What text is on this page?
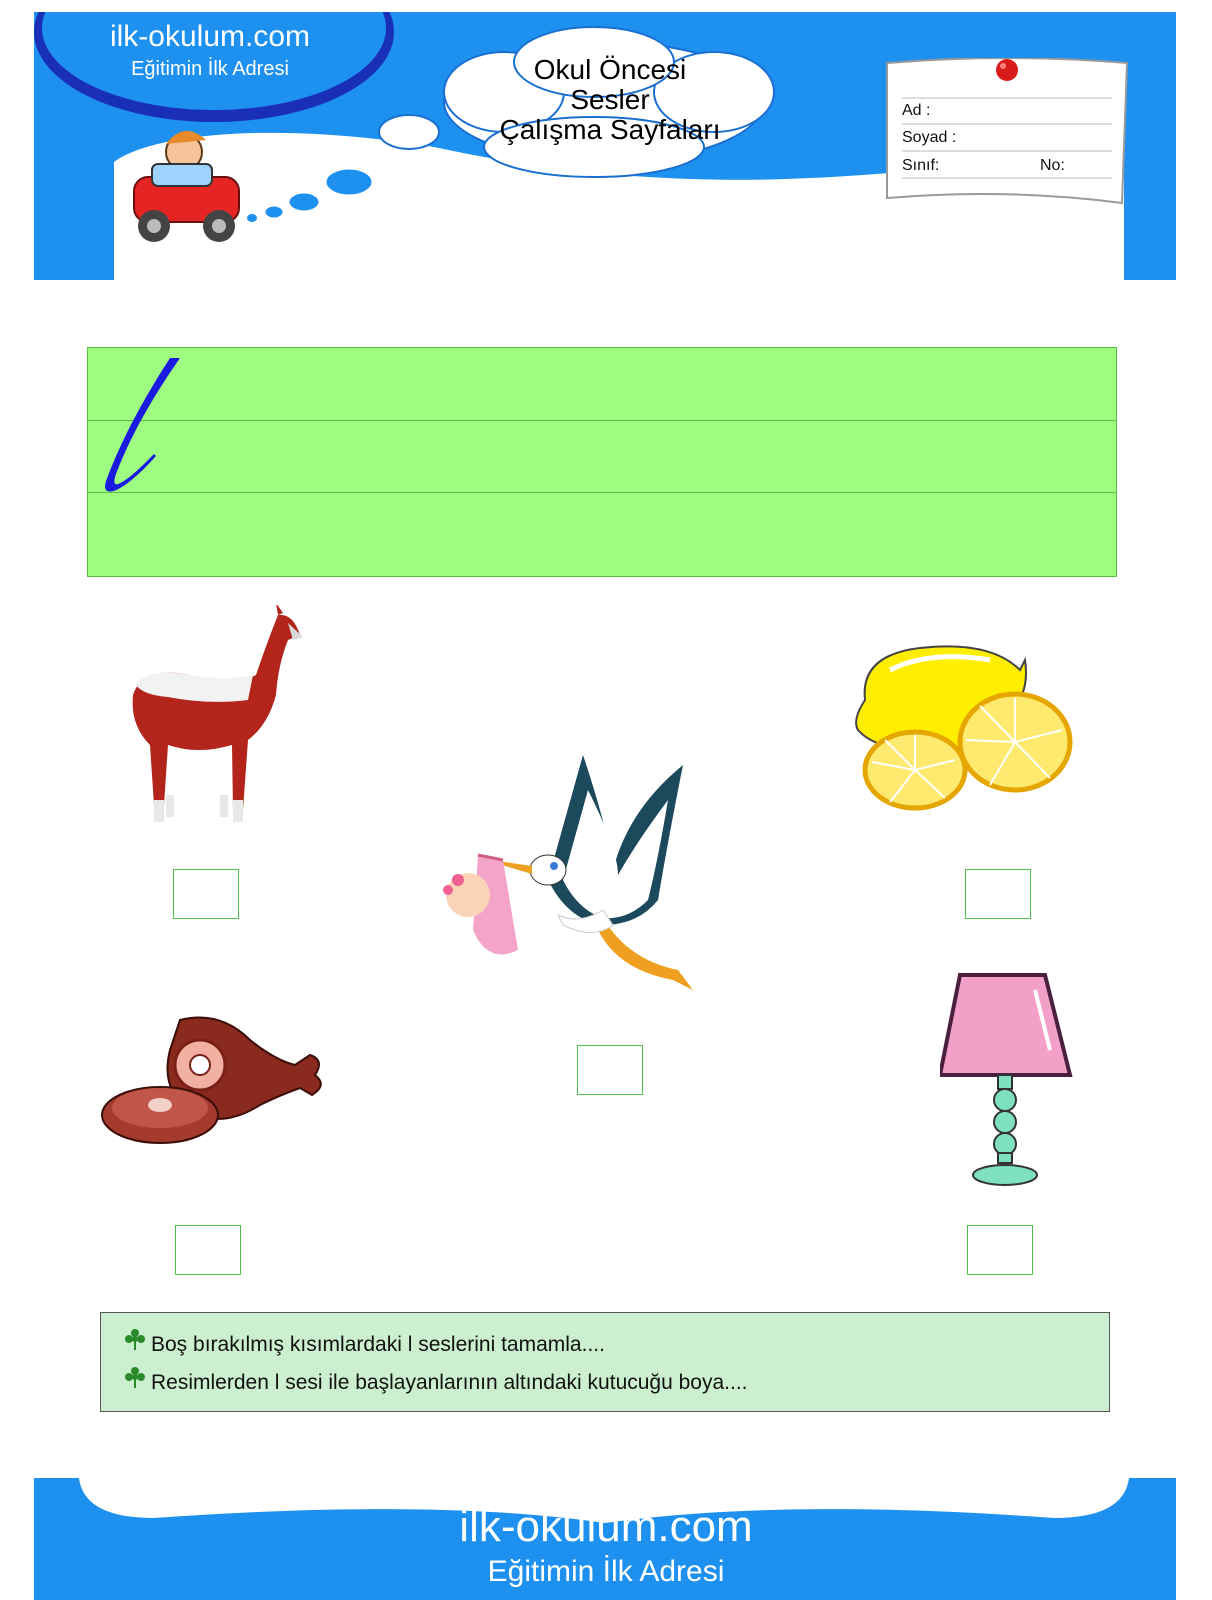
ilk-okulum.com
Eğitimin İlk Adresi	Okul Öncesi
Sesler
Çalışma Sayfaları
Ad :
Soyad :
Sınıf:	No:
Boş bırakılmış kısımlardaki l seslerini tamamla....
Resimlerden l sesi ile başlayanlarının altındaki kutucuğu boya....
ilk-okulum.com
Eğitimin İlk Adresi
